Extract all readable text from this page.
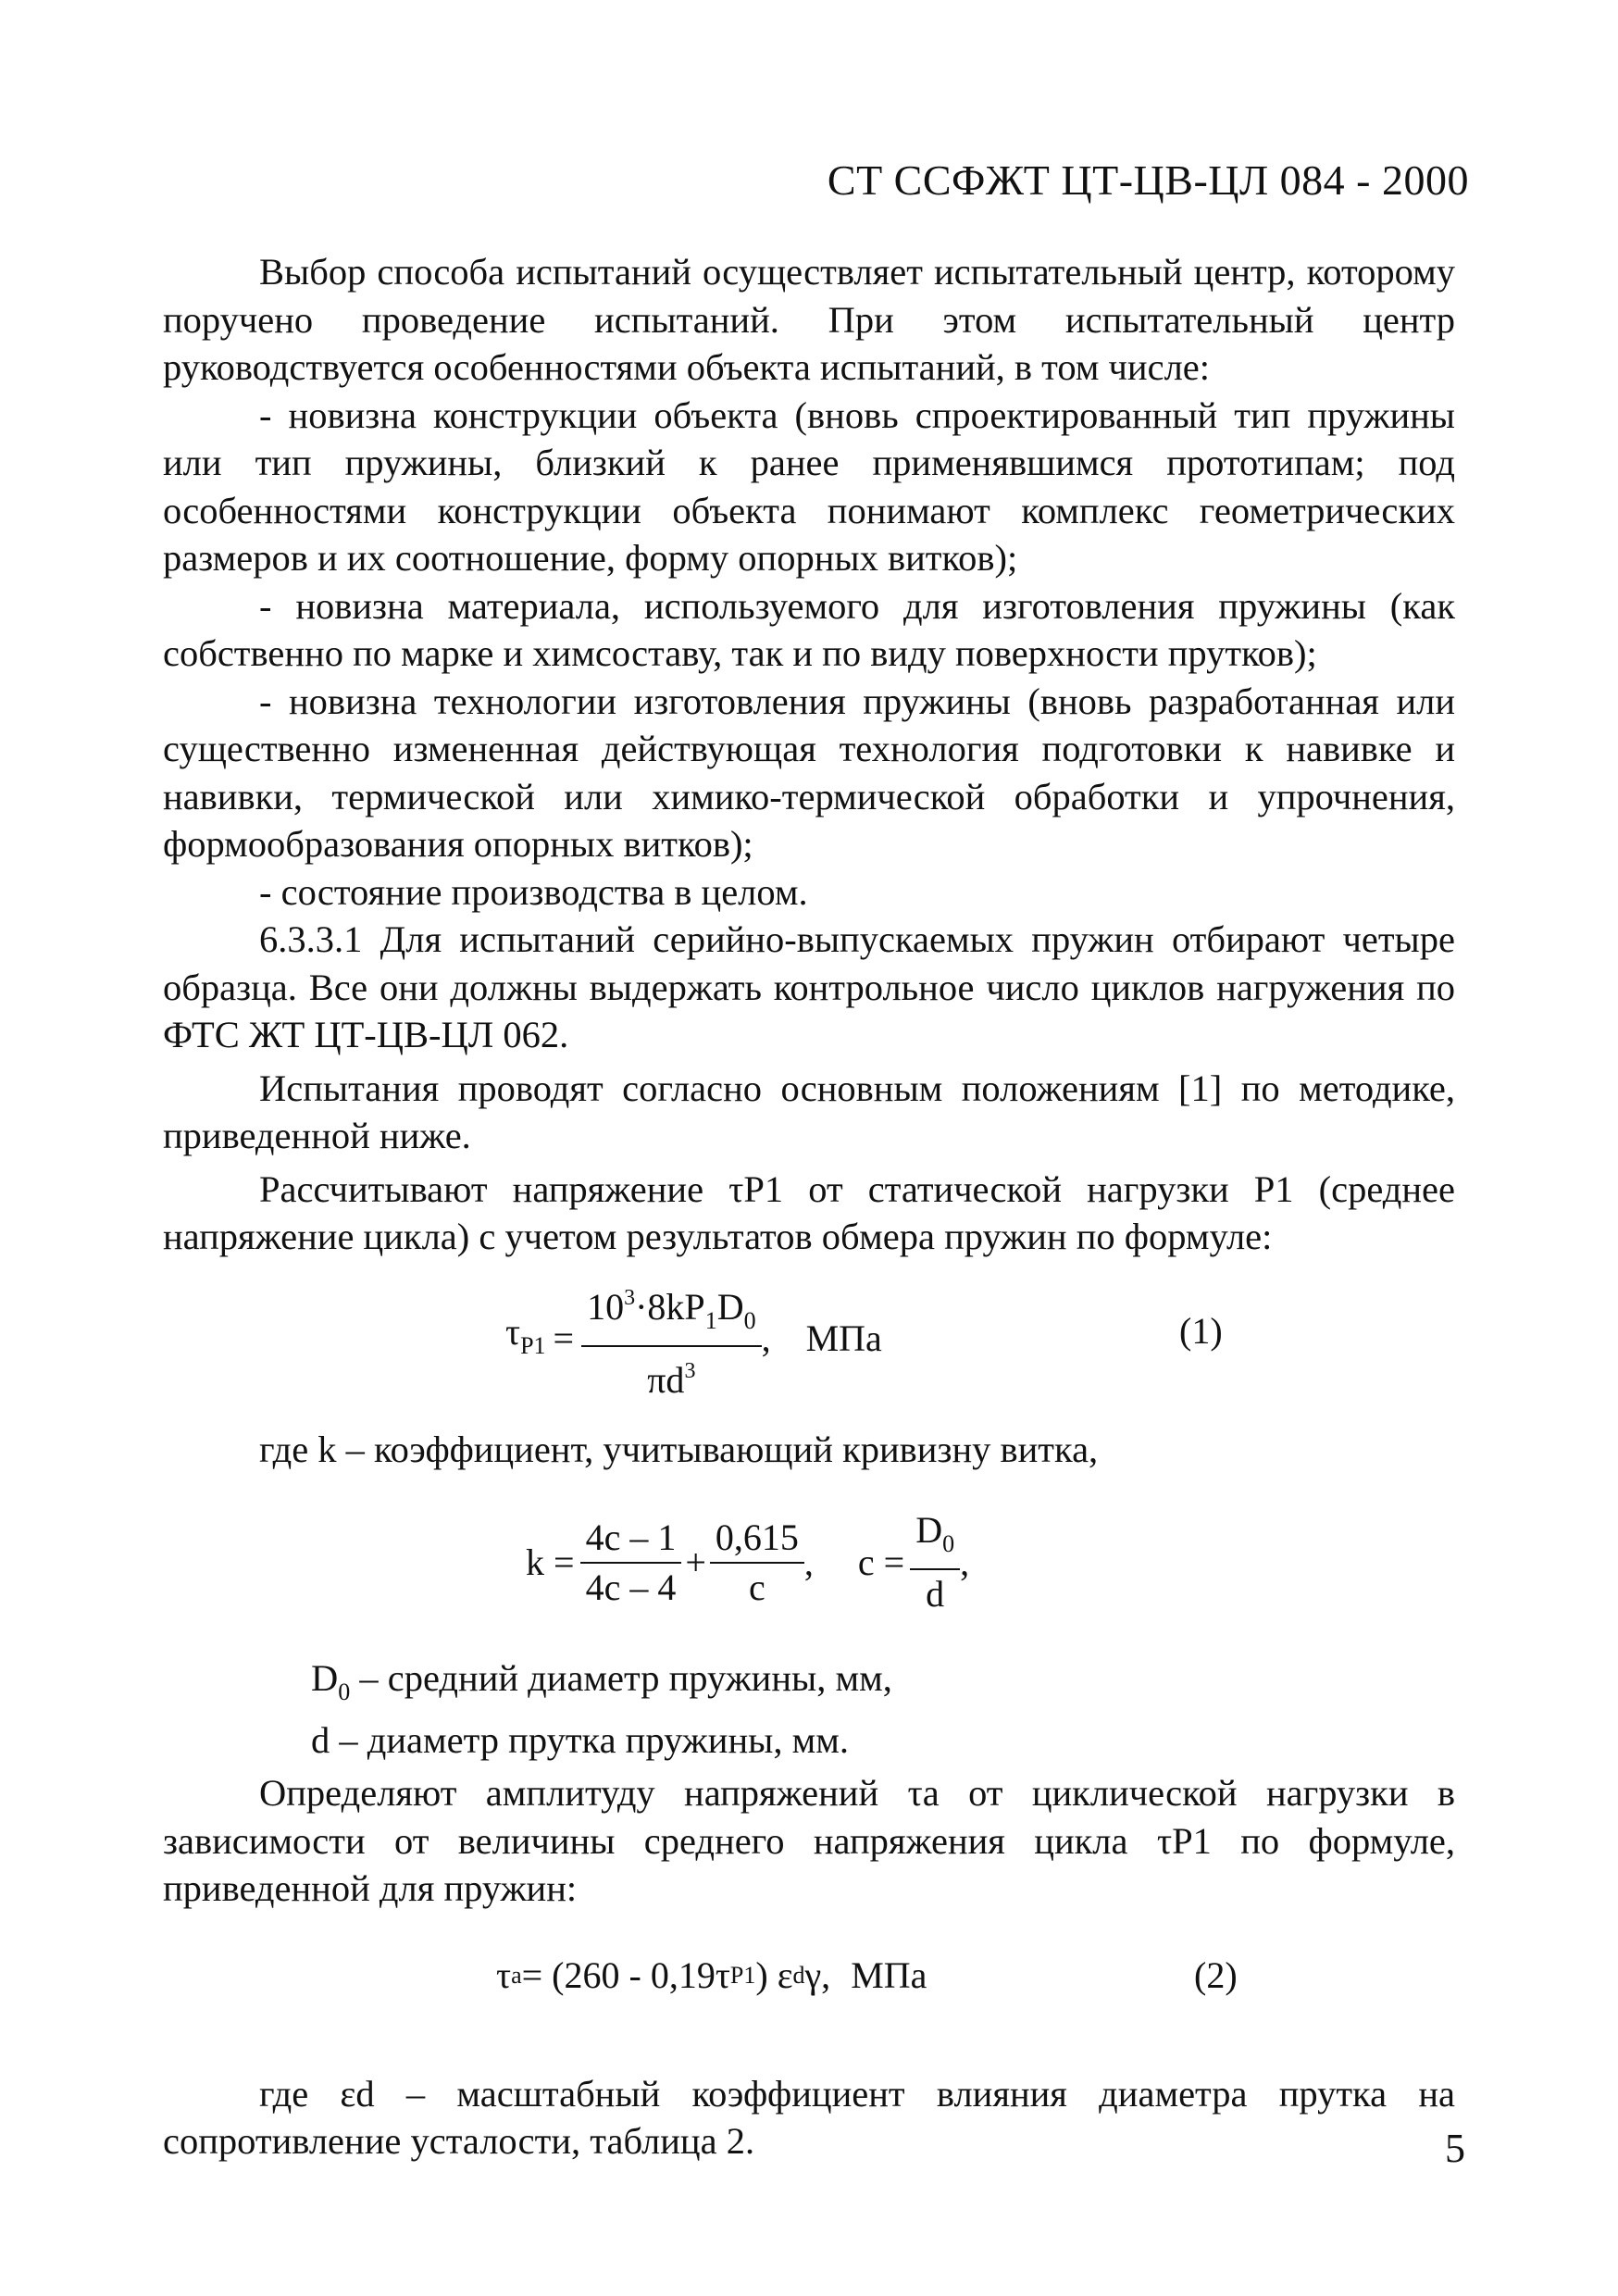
СТ ССФЖТ ЦТ-ЦВ-ЦЛ 084 - 2000

Выбор способа испытаний осуществляет испытательный центр, которому поручено проведение испытаний. При этом испытательный центр руководствуется особенностями объекта испытаний, в том числе:

- новизна конструкции объекта (вновь спроектированный тип пружины или тип пружины, близкий к ранее применявшимся прототипам; под особенностями конструкции объекта понимают комплекс геометрических размеров и их соотношение, форму опорных витков);

- новизна материала, используемого для изготовления пружины (как собственно по марке и химсоставу, так и по виду поверхности прутков);

- новизна технологии изготовления пружины (вновь разработанная или существенно измененная действующая технология подготовки к навивке и навивки, термической или химико-термической обработки и упрочнения, формообразования опорных витков);

- состояние производства в целом.

6.3.3.1 Для испытаний серийно-выпускаемых пружин отбирают четыре образца. Все они должны выдержать контрольное число циклов нагружения по ФТС ЖТ ЦТ-ЦВ-ЦЛ 062.

Испытания проводят согласно основным положениям [1] по методике, приведенной ниже.

Рассчитывают напряжение τP1 от статической нагрузки P1 (среднее напряжение цикла) с учетом результатов обмера пружин по формуле:

$\tau_{P1} = \frac{10^3\cdot 8kP_1D_0}{\pi d^3}$ , МПа	(1)

где k – коэффициент, учитывающий кривизну витка,

$k = \frac{4c - 1}{4c - 4} + \frac{0,615}{c}$ , $c = \frac{D_0}{d}$ ,

$D_0$ – средний диаметр пружины, мм,

d – диаметр прутка пружины, мм.

Определяют амплитуду напряжений τa от циклической нагрузки в зависимости от величины среднего напряжения цикла τP1 по формуле, приведенной для пружин:

τ a = (260 - 0,19τ P1 ) ε d γ, МПа	(2)

где εd – масштабный коэффициент влияния диаметра прутка на сопротивление усталости, таблица 2.	5
